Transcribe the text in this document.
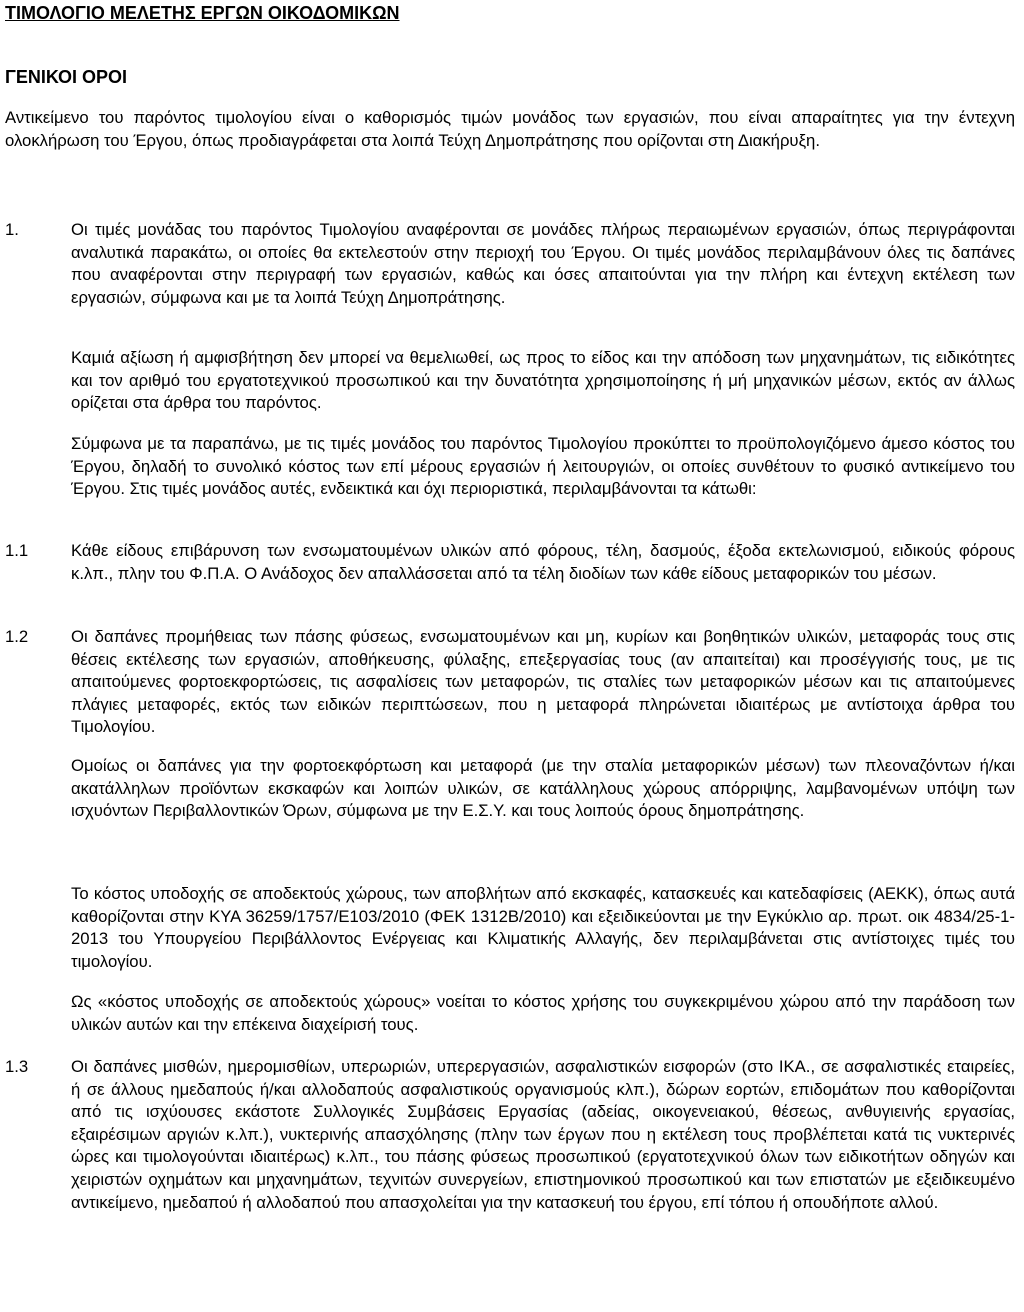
ΤΙΜΟΛΟΓΙΟ ΜΕΛΕΤΗΣ ΕΡΓΩΝ ΟΙΚΟΔΟΜΙΚΩΝ
ΓΕΝΙΚΟΙ ΟΡΟΙ
Αντικείμενο του παρόντος τιμολογίου είναι ο καθορισμός τιμών μονάδος των εργασιών, που είναι απαραίτητες για την έντεχνη ολοκλήρωση του Έργου, όπως προδιαγράφεται στα λοιπά Τεύχη Δημοπράτησης που ορίζονται στη Διακήρυξη.
1.	Οι τιμές μονάδας του παρόντος Τιμολογίου αναφέρονται σε μονάδες πλήρως περαιωμένων εργασιών, όπως περιγράφονται αναλυτικά παρακάτω, οι οποίες θα εκτελεστούν στην περιοχή του Έργου. Οι τιμές μονάδος περιλαμβάνουν όλες τις δαπάνες που αναφέρονται στην περιγραφή των εργασιών, καθώς και όσες απαιτούνται για την πλήρη και έντεχνη εκτέλεση των εργασιών, σύμφωνα και με τα λοιπά Τεύχη Δημοπράτησης.
Καμιά αξίωση ή αμφισβήτηση δεν μπορεί να θεμελιωθεί, ως προς το είδος και την απόδοση των μηχανημάτων, τις ειδικότητες και τον αριθμό του εργατοτεχνικού προσωπικού και την δυνατότητα χρησιμοποίησης ή μή μηχανικών μέσων, εκτός αν άλλως ορίζεται στα άρθρα του παρόντος.
Σύμφωνα με τα παραπάνω, με τις τιμές μονάδος του παρόντος Τιμολογίου προκύπτει το προϋπολογιζόμενο άμεσο κόστος του Έργου, δηλαδή το συνολικό κόστος των επί μέρους εργασιών ή λειτουργιών, οι οποίες συνθέτουν το φυσικό αντικείμενο του Έργου. Στις τιμές μονάδος αυτές, ενδεικτικά και όχι περιοριστικά, περιλαμβάνονται τα κάτωθι:
1.1	Κάθε είδους επιβάρυνση των ενσωματουμένων υλικών από φόρους, τέλη, δασμούς, έξοδα εκτελωνισμού, ειδικούς φόρους κ.λπ., πλην του Φ.Π.Α. Ο Ανάδοχος δεν απαλλάσσεται από τα τέλη διοδίων των κάθε είδους μεταφορικών του μέσων.
1.2	Οι δαπάνες προμήθειας των πάσης φύσεως, ενσωματουμένων και μη, κυρίων και βοηθητικών υλικών, μεταφοράς τους στις θέσεις εκτέλεσης των εργασιών, αποθήκευσης, φύλαξης, επεξεργασίας τους (αν απαιτείται) και προσέγγισής τους, με τις απαιτούμενες φορτοεκφορτώσεις, τις ασφαλίσεις των μεταφορών, τις σταλίες των μεταφορικών μέσων και τις απαιτούμενες πλάγιες μεταφορές, εκτός των ειδικών περιπτώσεων, που η μεταφορά πληρώνεται ιδιαιτέρως με αντίστοιχα άρθρα του Τιμολογίου.
Ομοίως οι δαπάνες για την φορτοεκφόρτωση και μεταφορά (με την σταλία μεταφορικών μέσων) των πλεοναζόντων ή/και ακατάλληλων προϊόντων εκσκαφών και λοιπών υλικών, σε κατάλληλους χώρους απόρριψης, λαμβανομένων υπόψη των ισχυόντων Περιβαλλοντικών Όρων, σύμφωνα με την Ε.Σ.Υ. και τους λοιπούς όρους δημοπράτησης.
Το κόστος υποδοχής σε αποδεκτούς χώρους, των αποβλήτων από εκσκαφές, κατασκευές και κατεδαφίσεις (ΑΕΚΚ), όπως αυτά καθορίζονται στην ΚΥΑ 36259/1757/Ε103/2010 (ΦΕΚ 1312Β/2010) και εξειδικεύονται με την Εγκύκλιο αρ. πρωτ. οικ 4834/25-1-2013 του Υπουργείου Περιβάλλοντος Ενέργειας και Κλιματικής Αλλαγής, δεν περιλαμβάνεται στις αντίστοιχες τιμές του τιμολογίου.
Ως «κόστος υποδοχής σε αποδεκτούς χώρους» νοείται το κόστος χρήσης του συγκεκριμένου χώρου από την παράδοση των υλικών αυτών και την επέκεινα διαχείρισή τους.
1.3	Οι δαπάνες μισθών, ημερομισθίων, υπερωριών, υπερεργασιών, ασφαλιστικών εισφορών (στο ΙΚΑ., σε ασφαλιστικές εταιρείες, ή σε άλλους ημεδαπούς ή/και αλλοδαπούς ασφαλιστικούς οργανισμούς κλπ.), δώρων εορτών, επιδομάτων που καθορίζονται από τις ισχύουσες εκάστοτε Συλλογικές Συμβάσεις Εργασίας (αδείας, οικογενειακού, θέσεως, ανθυγιεινής εργασίας, εξαιρέσιμων αργιών κ.λπ.), νυκτερινής απασχόλησης (πλην των έργων που η εκτέλεση τους προβλέπεται κατά τις νυκτερινές ώρες και τιμολογούνται ιδιαιτέρως) κ.λπ., του πάσης φύσεως προσωπικού (εργατοτεχνικού όλων των ειδικοτήτων οδηγών και χειριστών οχημάτων και μηχανημάτων, τεχνιτών συνεργείων, επιστημονικού προσωπικού και των επιστατών με εξειδικευμένο αντικείμενο, ημεδαπού ή αλλοδαπού που απασχολείται για την κατασκευή του έργου, επί τόπου ή οπουδήποτε αλλού.
